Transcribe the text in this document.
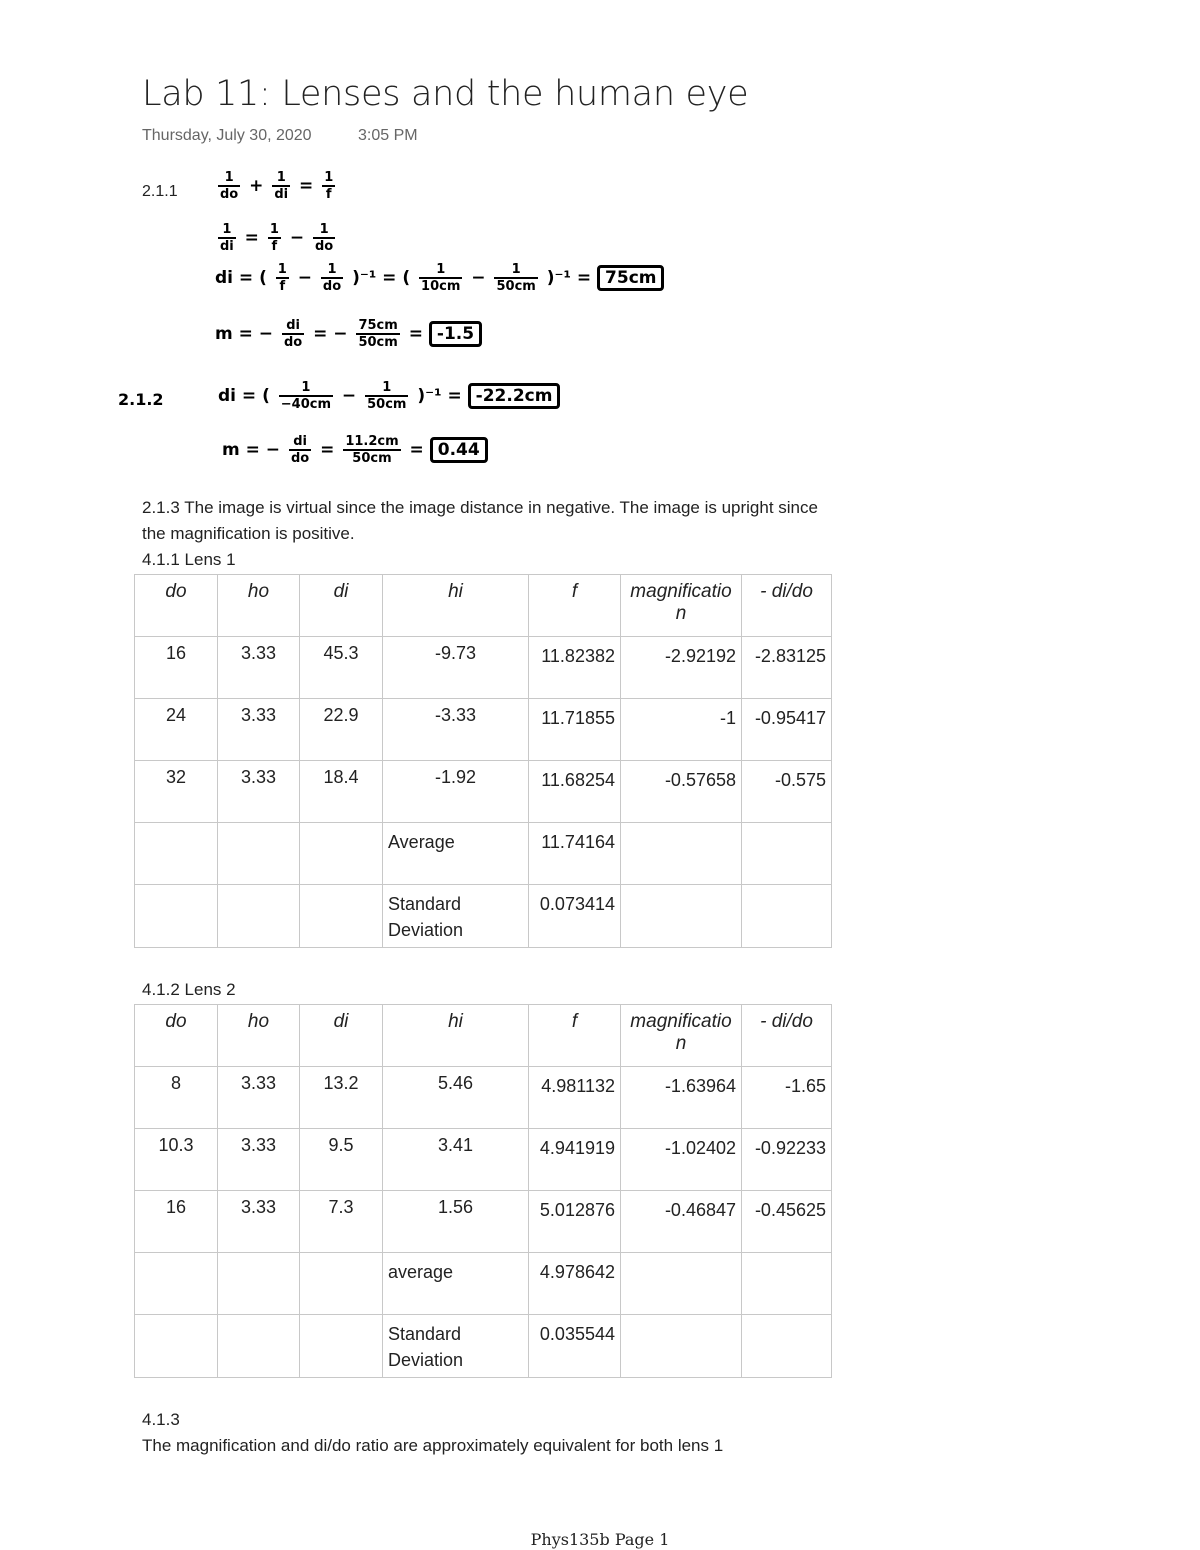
Lab 11: Lenses and the human eye
Thursday, July 30, 2020	3:05 PM
2.1.1	$\frac{1}{do} + \frac{1}{di} = \frac{1}{f}$
$\frac{1}{di} = \frac{1}{f} - \frac{1}{do}$
di = ( $\frac{1}{f} - \frac{1}{do} )^{-1}$ = ( $\frac{1}{10cm} - \frac{1}{50cm} )^{-1} = 75cm$
m = − $\frac{di}{do}$ = − $\frac{75cm}{50cm} = -1.5$
2.1.2	di = ( $\frac{1}{-40cm} - \frac{1}{50cm} )^{-1} = -22.2cm$
m = − $\frac{di}{do} = \frac{11.2cm}{50cm} = 0.44$
2.1.3 The image is virtual since the image distance in negative. The image is upright since the magnification is positive.
4.1.1 Lens 1
do	ho	di	hi	f	magnification	- di/do
16	3.33	45.3	-9.73	11.82382	-2.92192	-2.83125
24	3.33	22.9	-3.33	11.71855	-1	-0.95417
32	3.33	18.4	-1.92	11.68254	-0.57658	-0.575
			Average	11.74164		
			Standard Deviation	0.073414		
4.1.2 Lens 2
do	ho	di	hi	f	magnification	- di/do
8	3.33	13.2	5.46	4.981132	-1.63964	-1.65
10.3	3.33	9.5	3.41	4.941919	-1.02402	-0.92233
16	3.33	7.3	1.56	5.012876	-0.46847	-0.45625
			average	4.978642		
			Standard Deviation	0.035544		
4.1.3
The magnification and di/do ratio are approximately equivalent for both lens 1
Phys135b Page 1
